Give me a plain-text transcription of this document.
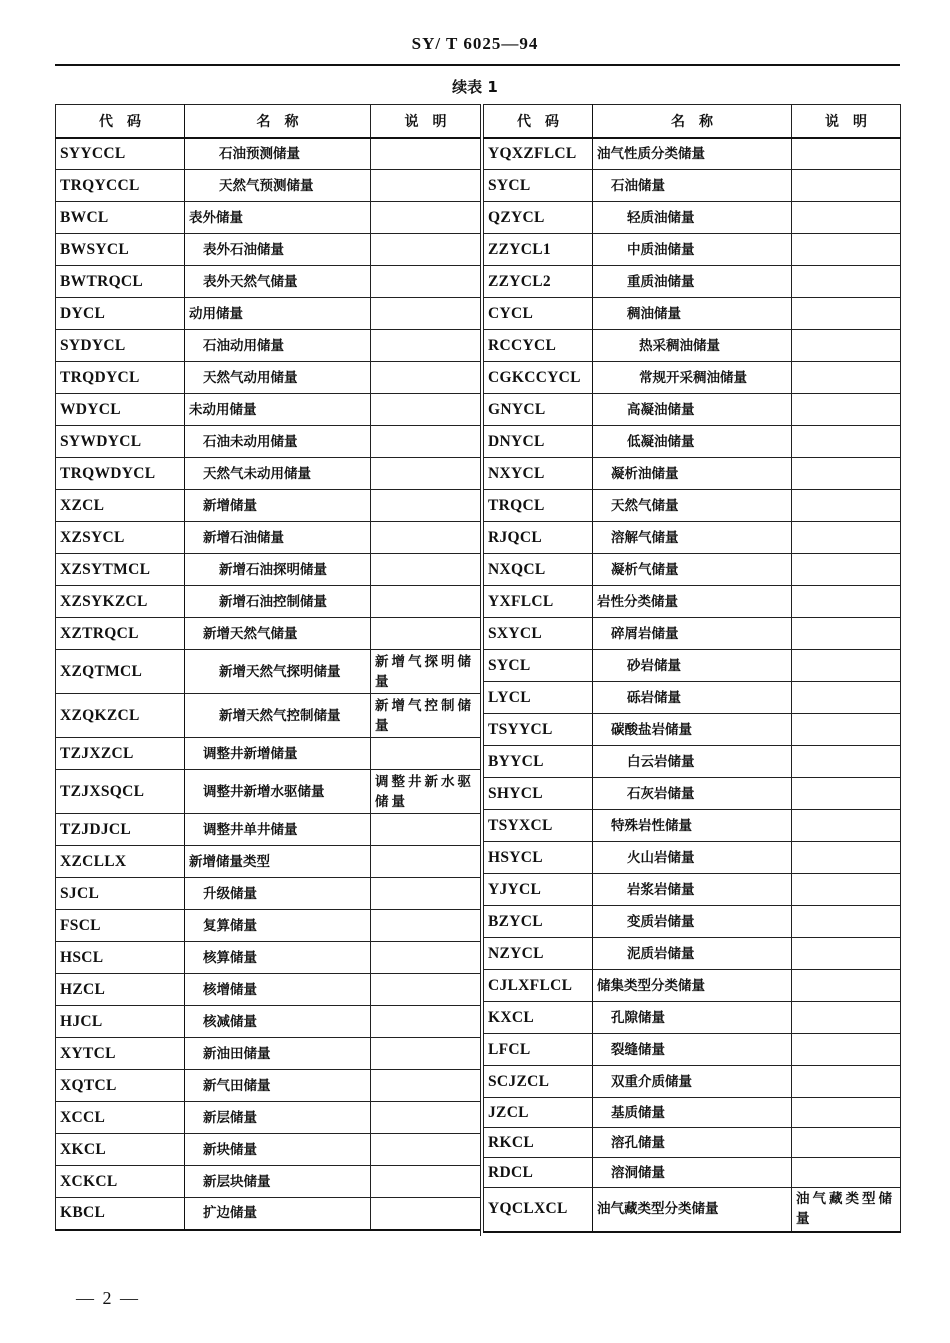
SY/ T 6025—94
续表 1
代　码	名　称	说　明
SYYCCL	石油预测储量	
TRQYCCL	天然气预测储量	
BWCL	表外储量	
BWSYCL	表外石油储量	
BWTRQCL	表外天然气储量	
DYCL	动用储量	
SYDYCL	石油动用储量	
TRQDYCL	天然气动用储量	
WDYCL	未动用储量	
SYWDYCL	石油未动用储量	
TRQWDYCL	天然气未动用储量	
XZCL	新增储量	
XZSYCL	新增石油储量	
XZSYTMCL	新增石油探明储量	
XZSYKZCL	新增石油控制储量	
XZTRQCL	新增天然气储量	
XZQTMCL	新增天然气探明储量	新增气探明储量
XZQKZCL	新增天然气控制储量	新增气控制储量
TZJXZCL	调整井新增储量	
TZJXSQCL	调整井新增水驱储量	调整井新水驱储量
TZJDJCL	调整井单井储量	
XZCLLX	新增储量类型	
SJCL	升级储量	
FSCL	复算储量	
HSCL	核算储量	
HZCL	核增储量	
HJCL	核减储量	
XYTCL	新油田储量	
XQTCL	新气田储量	
XCCL	新层储量	
XKCL	新块储量	
XCKCL	新层块储量	
KBCL	扩边储量	
代　码	名　称	说　明
YQXZFLCL	油气性质分类储量	
SYCL	石油储量	
QZYCL	轻质油储量	
ZZYCL1	中质油储量	
ZZYCL2	重质油储量	
CYCL	稠油储量	
RCCYCL	热采稠油储量	
CGKCCYCL	常规开采稠油储量	
GNYCL	高凝油储量	
DNYCL	低凝油储量	
NXYCL	凝析油储量	
TRQCL	天然气储量	
RJQCL	溶解气储量	
NXQCL	凝析气储量	
YXFLCL	岩性分类储量	
SXYCL	碎屑岩储量	
SYCL	砂岩储量	
LYCL	砾岩储量	
TSYYCL	碳酸盐岩储量	
BYYCL	白云岩储量	
SHYCL	石灰岩储量	
TSYXCL	特殊岩性储量	
HSYCL	火山岩储量	
YJYCL	岩浆岩储量	
BZYCL	变质岩储量	
NZYCL	泥质岩储量	
CJLXFLCL	储集类型分类储量	
KXCL	孔隙储量	
LFCL	裂缝储量	
SCJZCL	双重介质储量	
JZCL	基质储量	
RKCL	溶孔储量	
RDCL	溶洞储量	
YQCLXCL	油气藏类型分类储量	油气藏类型储量
— 2 —
